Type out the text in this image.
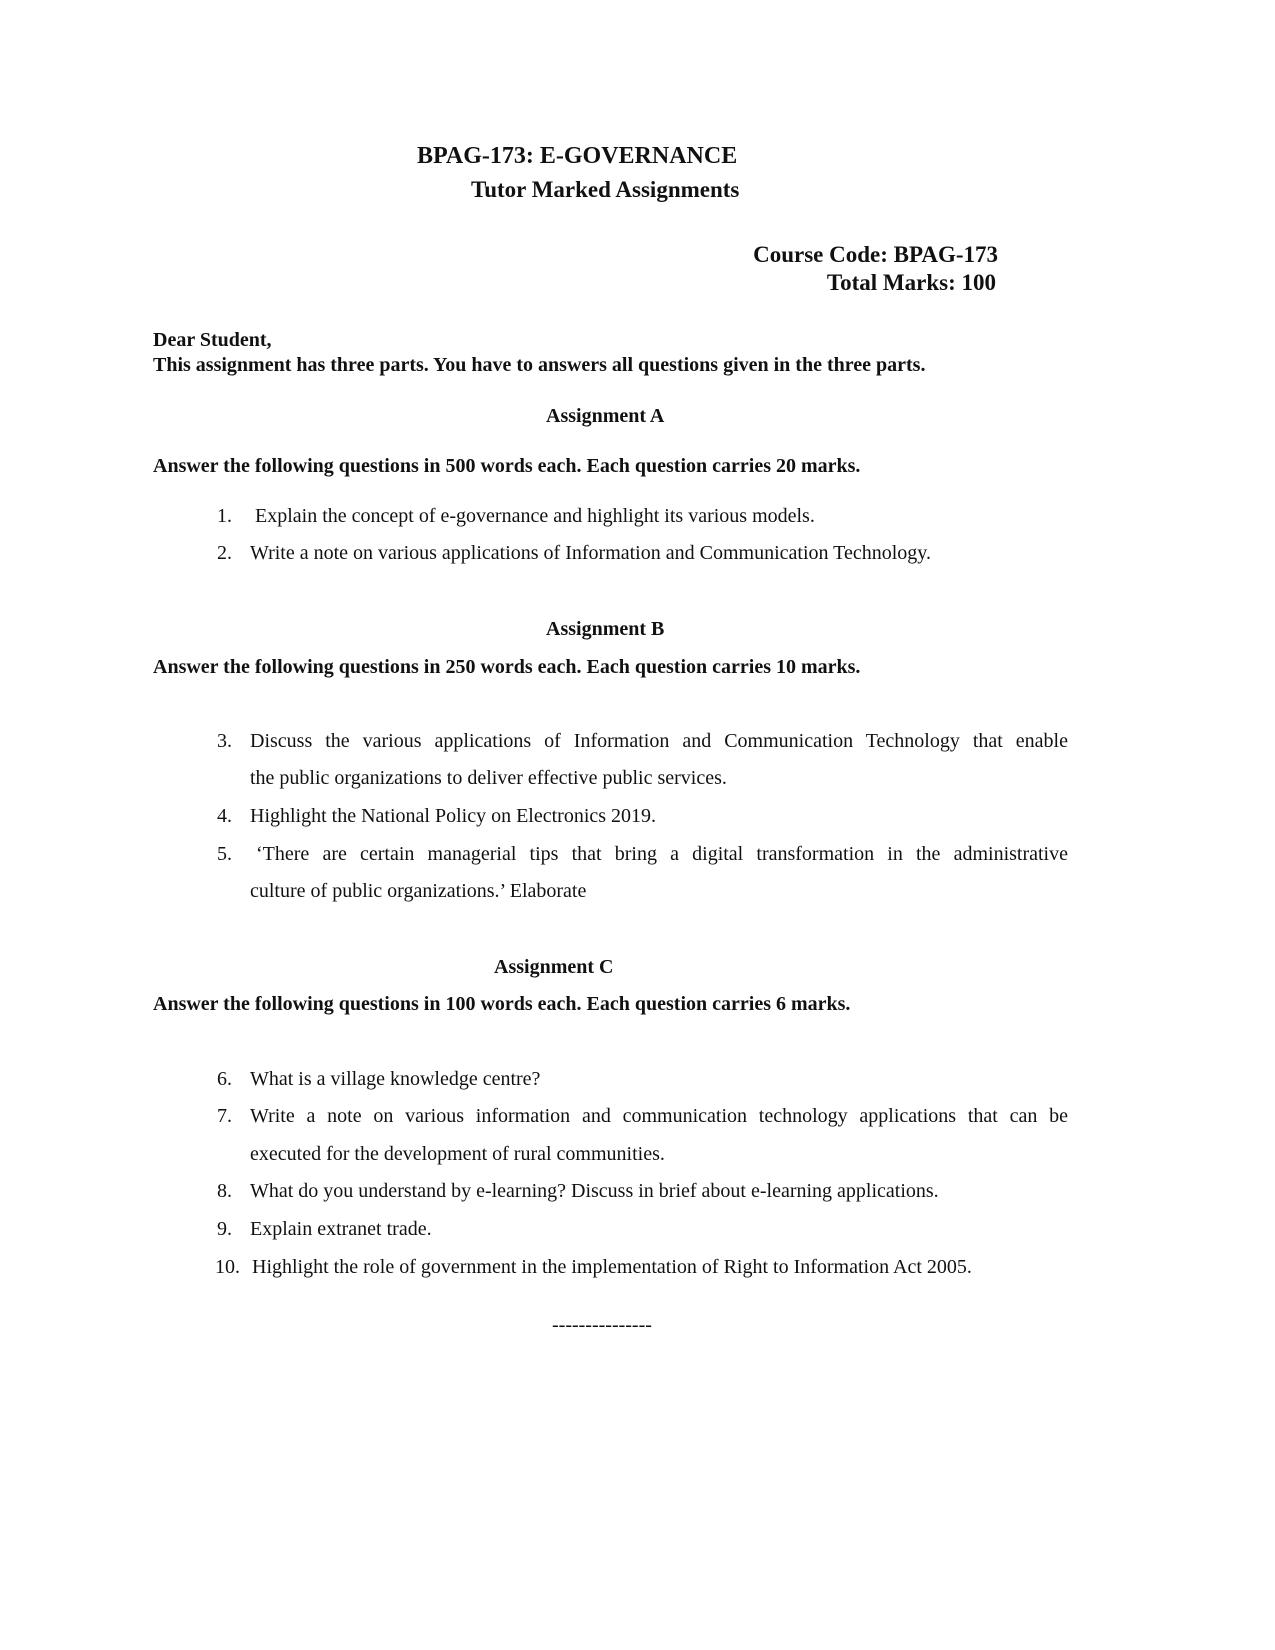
BPAG-173: E-GOVERNANCE
Tutor Marked Assignments
Course Code: BPAG-173
Total Marks: 100
Dear Student,
This assignment has three parts. You have to answers all questions given in the three parts.
Assignment A
Answer the following questions in 500 words each. Each question carries 20 marks.
1. Explain the concept of e-governance and highlight its various models.
2. Write a note on various applications of Information and Communication Technology.
Assignment B
Answer the following questions in 250 words each. Each question carries 10 marks.
3. Discuss the various applications of Information and Communication Technology that enable
the public organizations to deliver effective public services.
4. Highlight the National Policy on Electronics 2019.
5. ‘There are certain managerial tips that bring a digital transformation in the administrative
culture of public organizations.’ Elaborate
Assignment C
Answer the following questions in 100 words each. Each question carries 6 marks.
6. What is a village knowledge centre?
7. Write a note on various information and communication technology applications that can be
executed for the development of rural communities.
8. What do you understand by e-learning? Discuss in brief about e-learning applications.
9. Explain extranet trade.
10. Highlight the role of government in the implementation of Right to Information Act 2005.
---------------
